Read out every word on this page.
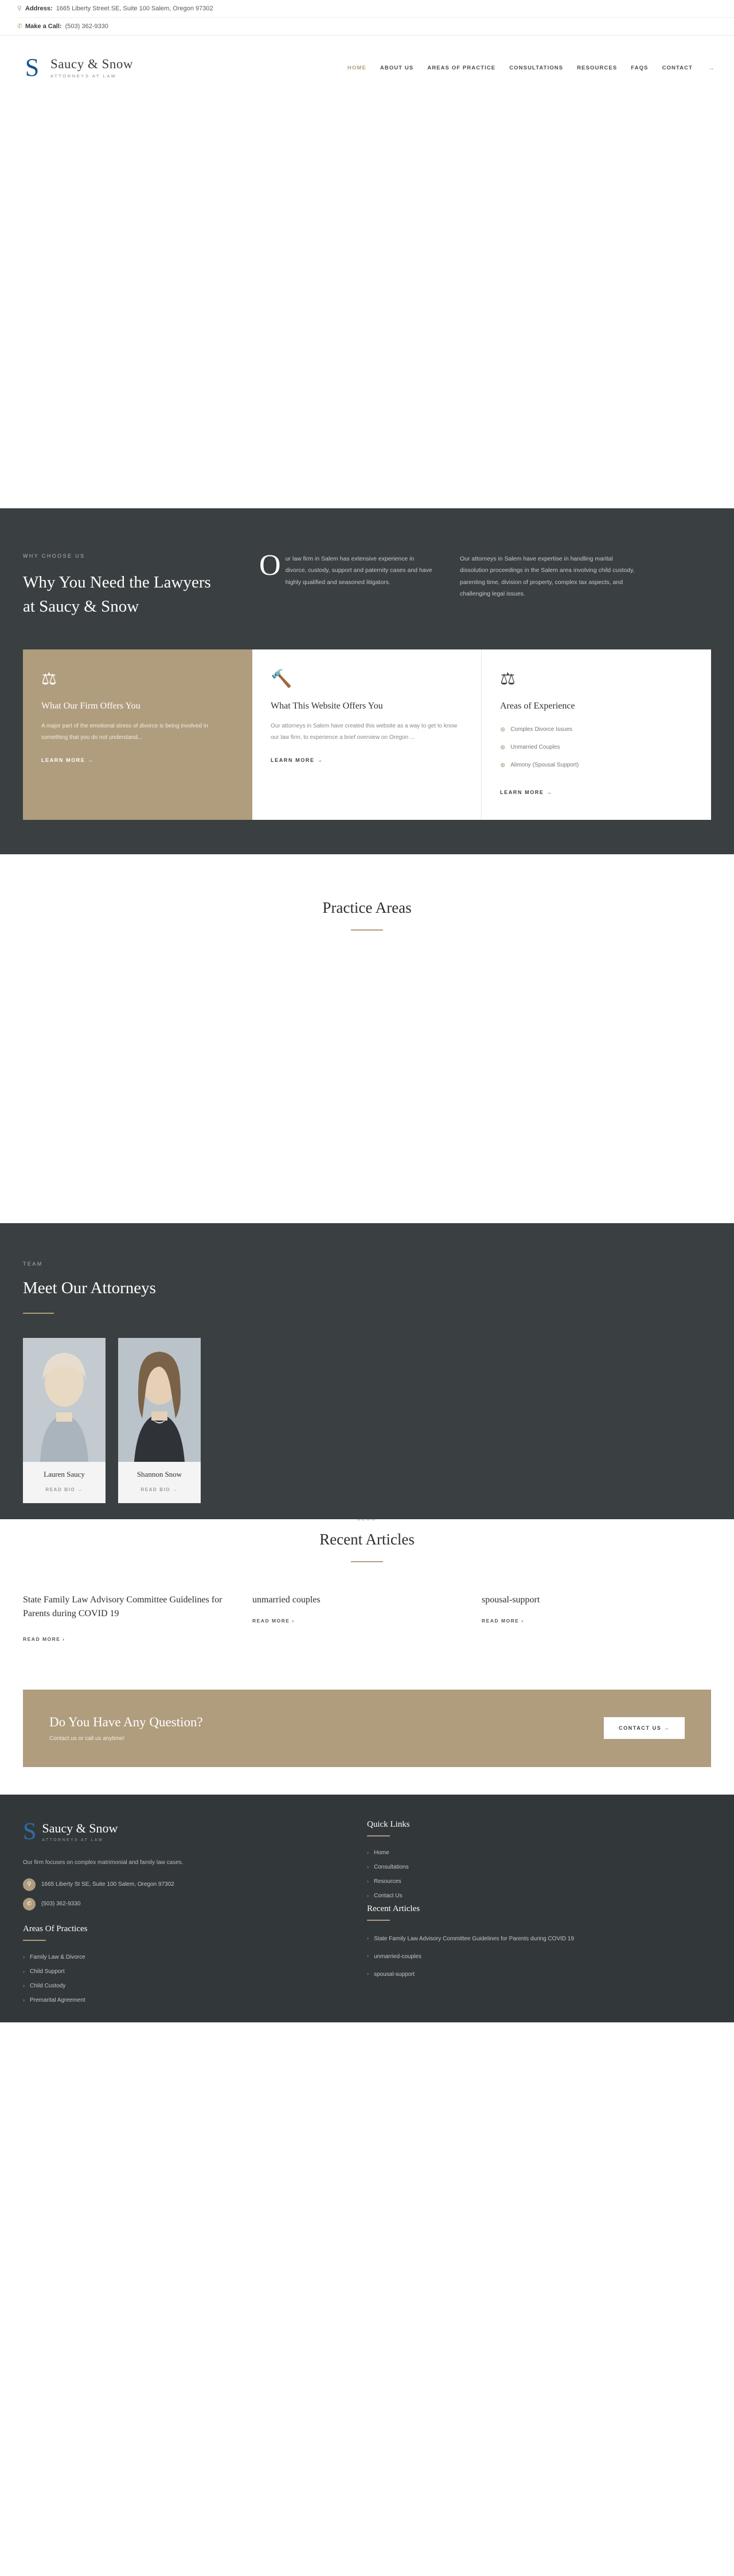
⚲ Address: 1665 Liberty Street SE, Suite 100 Salem, Oregon 97302
✆ Make a Call: (503) 362-9330
S Saucy & Snow
ATTORNEYS AT LAW
HOME	ABOUT US	AREAS OF PRACTICE	CONSULTATIONS	RESOURCES	FAQS	CONTACT →
WHY CHOOSE US
Why You Need the Lawyers at Saucy & Snow
O ur law firm in Salem has extensive experience in divorce, custody, support and paternity cases and have highly qualified and seasoned litigators.
Our attorneys in Salem have expertise in handling marital dissolution proceedings in the Salem area involving child custody, parenting time, division of property, complex tax aspects, and challenging legal issues.
⚖
What Our Firm Offers You
A major part of the emotional stress of divorce is being involved in something that you do not understand...
LEARN MORE →
🔨
What This Website Offers You
Our attorneys in Salem have created this website as a way to get to know our law firm, to experience a brief overview on Oregon ...
LEARN MORE →
⚖
Areas of Experience
⊕ Complex Divorce Issues
⊕ Unmarried Couples
⊕ Alimony (Spousal Support)
LEARN MORE →
Practice Areas
TEAM
Meet Our Attorneys
Lauren Saucy
READ BIO →
Shannon Snow
READ BIO →
Recent Articles
State Family Law Advisory Committee Guidelines for Parents during COVID 19
READ MORE ›
unmarried couples
READ MORE ›
spousal-support
READ MORE ›
Do You Have Any Question?
Contact us or call us anytime!
CONTACT US →
S Saucy & Snow
ATTORNEYS AT LAW
Our firm focuses on complex matrimonial and family law cases.
⚲	1665 Liberty St SE, Suite 100 Salem, Oregon 97302
✆	(503) 362-9330
Areas Of Practices
› Family Law & Divorce
› Child Support
› Child Custody
› Premarital Agreement
Quick Links
› Home
› Consultations
› Resources
› Contact Us
Recent Articles
› State Family Law Advisory Committee Guidelines for Parents during COVID 19
› unmarried-couples
› spousal-support
